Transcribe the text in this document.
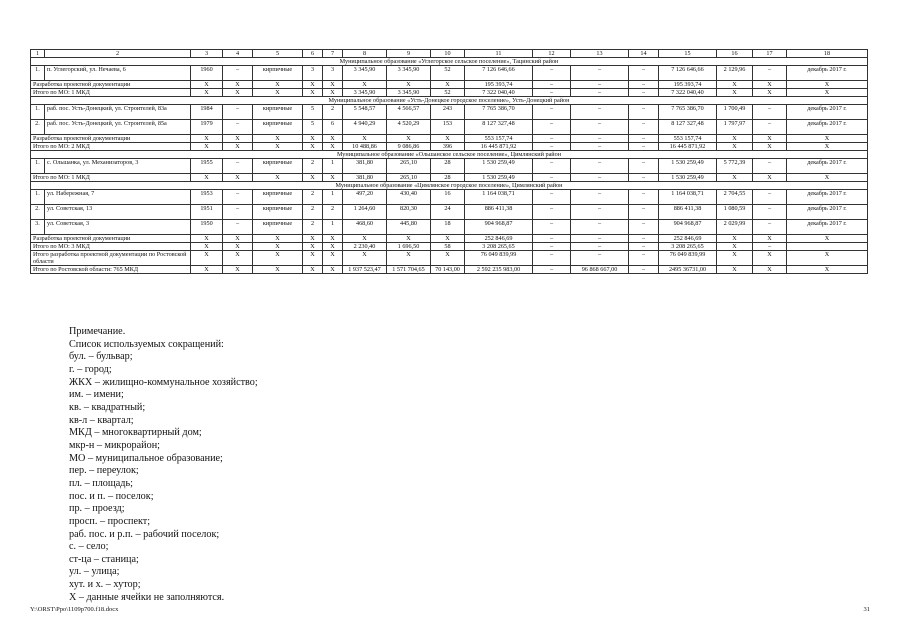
1	2	3	4	5	6	7	8	9	10	11	12	13	14	15	16	17	18
Муниципальное образование «Углегорское сельское поселение», Тацинский район																	
1.	п. Углегорский, ул. Нечаева, 6	1960	–	кирпичные	3	3	3 345,90	3 345,90	52	7 126 646,66	–	–	–	7 126 646,66	2 129,96	–	декабрь 2017 г.
Разработка проектной документации		X	X	X	X	X	X	X	X	195 393,74	–	–	–	195 393,74	X	X	X
Итого по МО: 1 МКД		X	X	X	X	X	3 345,90	3 345,90	52	7 322 040,40	–	–	–	7 322 040,40	X	X	X
Муниципальное образование «Усть-Донецкое городское поселение», Усть-Донецкий район																	
1.	раб. пос. Усть-Донецкий, ул. Строителей, 83а	1984	–	кирпичные	5	2	5 548,57	4 566,57	243	7 765 386,70	–	–	–	7 765 386,70	1 700,49	–	декабрь 2017 г.
2.	раб. пос. Усть-Донецкий, ул. Строителей, 85а	1979	–	кирпичные	5	6	4 940,29	4 520,29	153	8 127 327,48	–	–	–	8 127 327,48	1 797,97	–	декабрь 2017 г.
Разработка проектной документации		X	X	X	X	X	X	X	X	553 157,74	–	–	–	553 157,74	X	X	X
Итого по МО: 2 МКД		X	X	X	X	X	10 488,86	9 086,86	396	16 445 871,92	–	–	–	16 445 871,92	X	X	X
Муниципальное образование «Ольшанское сельское поселение», Цимлянский район																	
1.	с. Ольшанка, ул. Механизаторов, 3	1955	–	кирпичные	2	1	381,80	265,10	28	1 530 259,49	–	–	–	1 530 259,49	5 772,39	–	декабрь 2017 г.
Итого по МО: 1 МКД		X	X	X	X	X	381,80	265,10	28	1 530 259,49	–	–	–	1 530 259,49	X	X	X
Муниципальное образование «Цимлянское городское поселение», Цимлянский район																	
1.	ул. Набережная, 7	1953	–	кирпичные	2	1	497,20	430,40	16	1 164 038,71	–	–	–	1 164 038,71	2 704,55	–	декабрь 2017 г.
2.	ул. Советская, 13	1951	–	кирпичные	2	2	1 264,60	820,30	24	886 411,38	–	–	–	886 411,38	1 080,59	–	декабрь 2017 г.
3.	ул. Советская, 3	1950	–	кирпичные	2	1	468,60	445,80	18	904 968,87	–	–	–	904 968,87	2 029,99	–	декабрь 2017 г.
Разработка проектной документации		X	X	X	X	X	X	X	X	252 846,69	–	–	–	252 846,69	X	X	X
Итого по МО: 3 МКД		X	X	X	X	X	2 230,40	1 696,50	58	3 208 265,65	–	–	–	3 208 265,65	X	–	
Итого разработка проектной документации по Ростовской области		X	X	X	X	X	X	X	X	76 049 839,99	–	–	–	76 049 839,99	X	X	X
Итого по Ростовской области: 765 МКД		X	X	X	X	X	1 937 523,47	1 571 704,65	70 143,00	2 592 235 983,00	–	96 868 667,00	–	2495 36731,00	X	X	X
Примечание.
Список используемых сокращений:
бул. – бульвар;
г. – город;
ЖКХ – жилищно-коммунальное хозяйство;
им. – имени;
кв. – квадратный;
кв-л – квартал;
МКД – многоквартирный дом;
мкр-н – микрорайон;
МО – муниципальное образование;
пер. – переулок;
пл. – площадь;
пос. и п. – поселок;
пр. – проезд;
просп. – проспект;
раб. пос. и р.п. – рабочий поселок;
с. – село;
ст-ца – станица;
ул. – улица;
хут. и х. – хутор;
X – данные ячейки не заполняются.
Y:\ORST\Ppo\1109p700.f18.docx	31
